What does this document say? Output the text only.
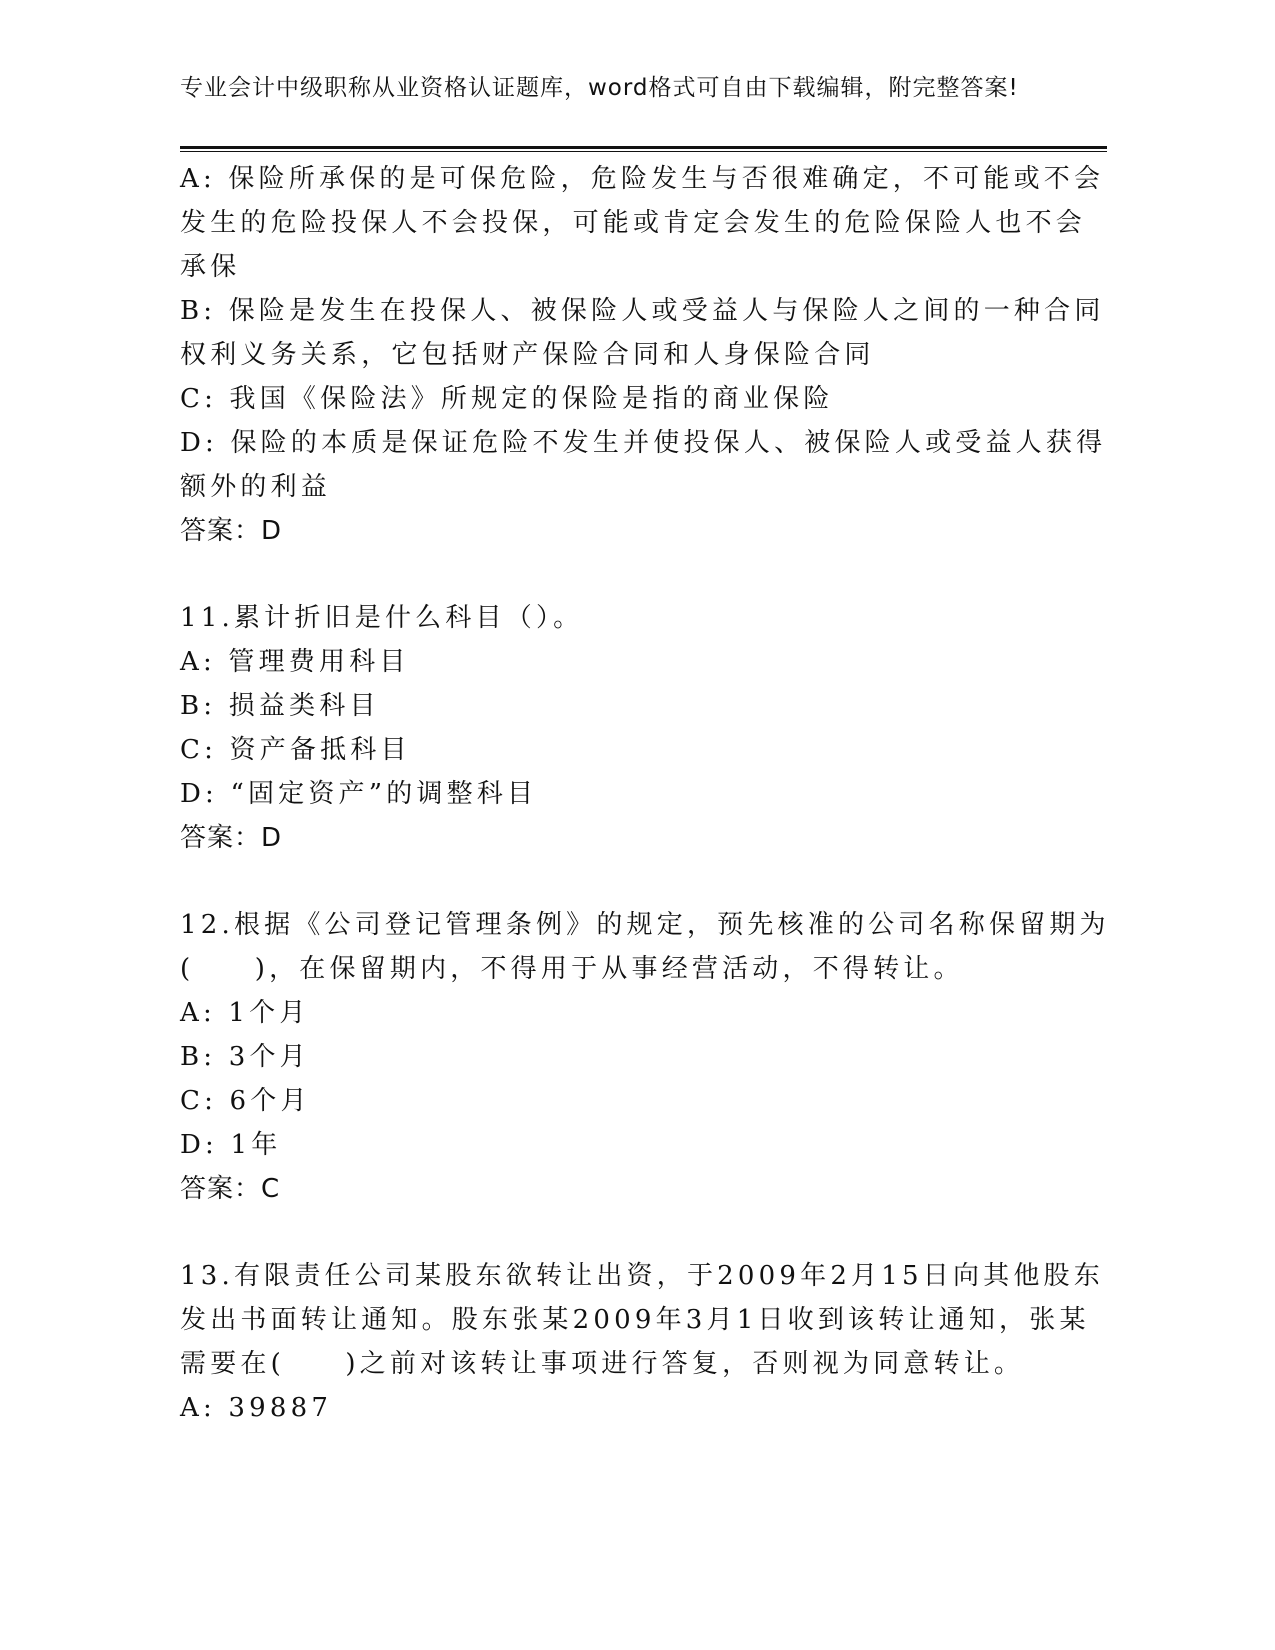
专业会计中级职称从业资格认证题库，word格式可自由下载编辑，附完整答案!
A: 保险所承保的是可保危险，危险发生与否很难确定，不可能或不会
发生的危险投保人不会投保，可能或肯定会发生的危险保险人也不会
承保
B: 保险是发生在投保人、被保险人或受益人与保险人之间的一种合同
权利义务关系，它包括财产保险合同和人身保险合同
C: 我国《保险法》所规定的保险是指的商业保险
D: 保险的本质是保证危险不发生并使投保人、被保险人或受益人获得
额外的利益
答案：D
11.累计折旧是什么科目（）。
A: 管理费用科目
B: 损益类科目
C: 资产备抵科目
D: “固定资产”的调整科目
答案：D
12.根据《公司登记管理条例》的规定，预先核准的公司名称保留期为
(　　)，在保留期内，不得用于从事经营活动，不得转让。
A: 1个月
B: 3个月
C: 6个月
D: 1年
答案：C
13.有限责任公司某股东欲转让出资，于2009年2月15日向其他股东
发出书面转让通知。股东张某2009年3月1日收到该转让通知，张某
需要在(　　)之前对该转让事项进行答复，否则视为同意转让。
A: 39887
